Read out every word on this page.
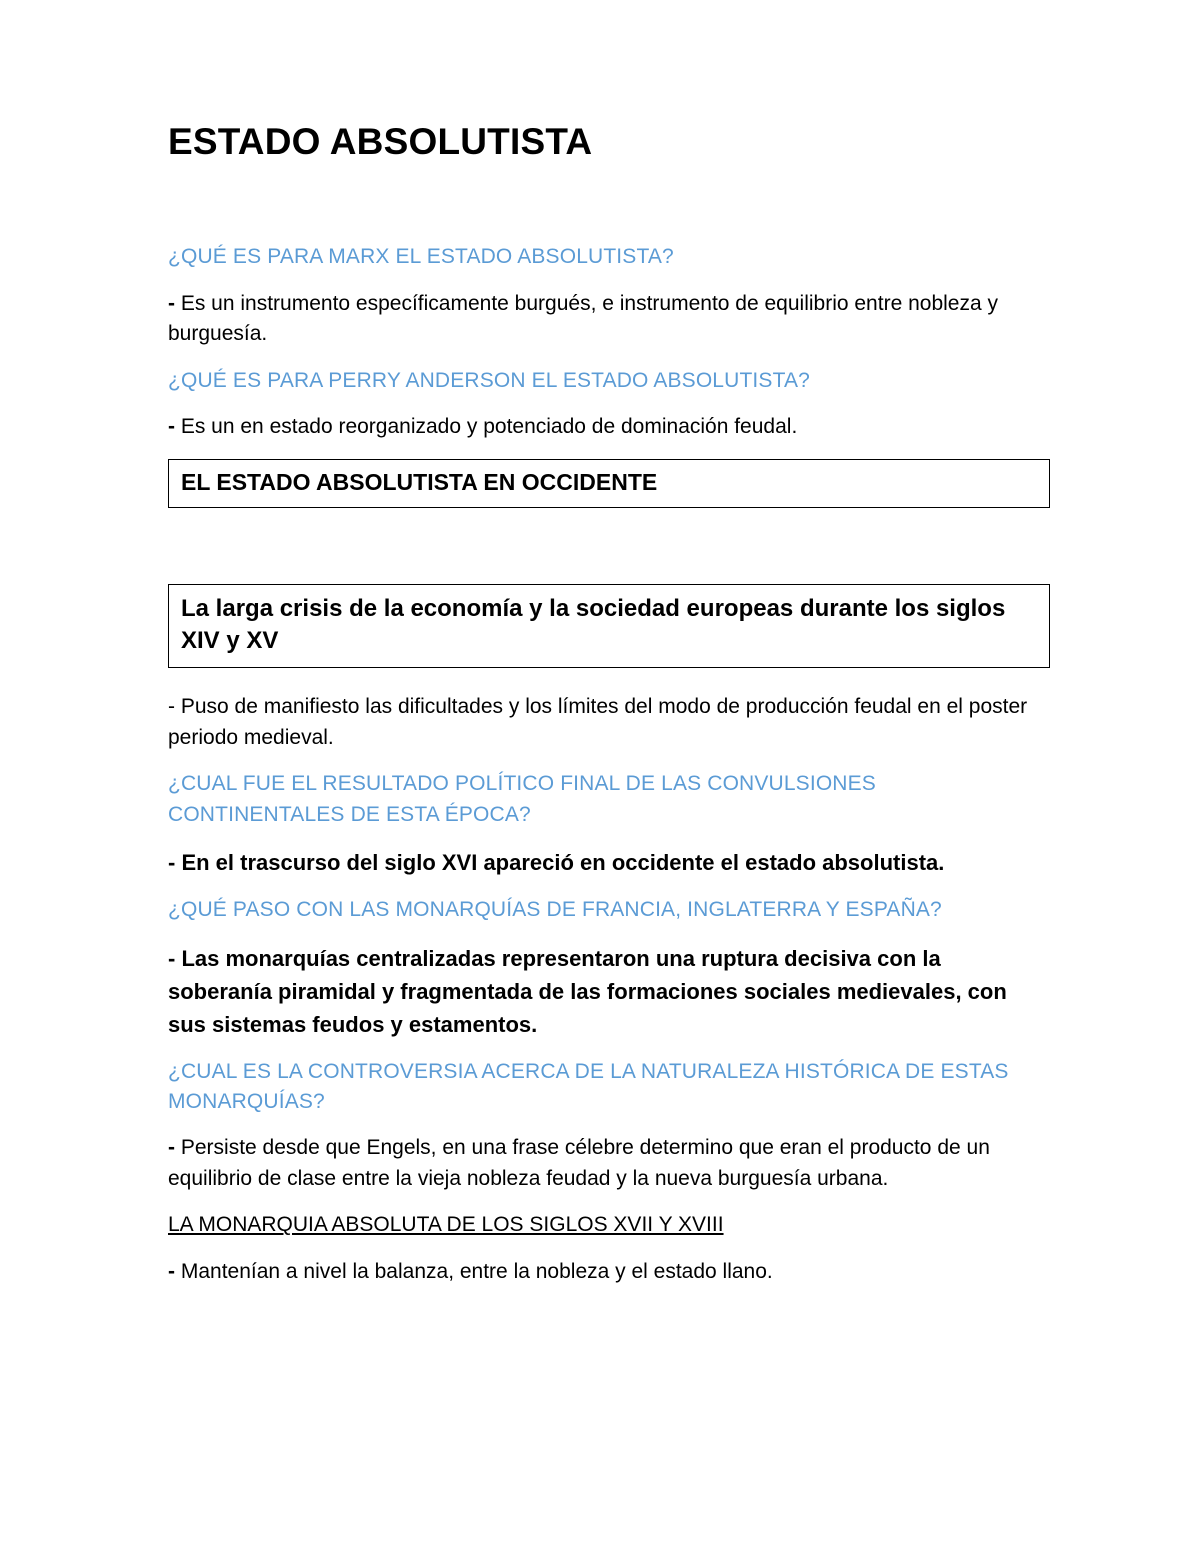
ESTADO ABSOLUTISTA

¿QUÉ ES PARA MARX EL ESTADO ABSOLUTISTA?

- Es un instrumento específicamente burgués, e instrumento de equilibrio entre nobleza y burguesía.

¿QUÉ ES PARA PERRY ANDERSON EL ESTADO ABSOLUTISTA?

- Es un en estado reorganizado y potenciado de dominación feudal.

EL ESTADO ABSOLUTISTA EN OCCIDENTE
La larga crisis de la economía y la sociedad europeas durante los siglos XIV y XV

- Puso de manifiesto las dificultades y los límites del modo de producción feudal en el poster periodo medieval.

¿CUAL FUE EL RESULTADO POLÍTICO FINAL DE LAS CONVULSIONES CONTINENTALES DE ESTA ÉPOCA?

- En el trascurso del siglo XVI apareció en occidente el estado absolutista.

¿QUÉ PASO CON LAS MONARQUÍAS DE FRANCIA, INGLATERRA Y ESPAÑA?

- Las monarquías centralizadas representaron una ruptura decisiva con la soberanía piramidal y fragmentada de las formaciones sociales medievales, con sus sistemas feudos y estamentos.

¿CUAL ES LA CONTROVERSIA ACERCA DE LA NATURALEZA HISTÓRICA DE ESTAS MONARQUÍAS?

- Persiste desde que Engels, en una frase célebre determino que eran el producto de un equilibrio de clase entre la vieja nobleza feudad y la nueva burguesía urbana.

LA MONARQUIA ABSOLUTA DE LOS SIGLOS XVII Y XVIII

- Mantenían a nivel la balanza, entre la nobleza y el estado llano.
